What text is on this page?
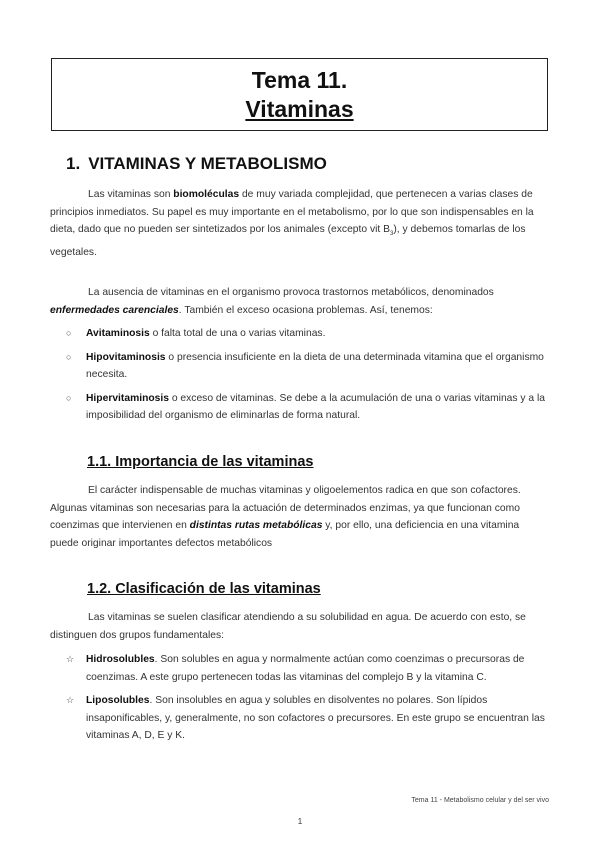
Tema 11.
Vitaminas
1. VITAMINAS Y METABOLISMO
Las vitaminas son biomoléculas de muy variada complejidad, que pertenecen a varias clases de principios inmediatos. Su papel es muy importante en el metabolismo, por lo que son indispensables en la dieta, dado que no pueden ser sintetizados por los animales (excepto vit $B_3$), y debemos tomarlas de los vegetales.
La ausencia de vitaminas en el organismo provoca trastornos metabólicos, denominados enfermedades carenciales. También el exceso ocasiona problemas. Así, tenemos:
○ Avitaminosis o falta total de una o varias vitaminas.
○ Hipovitaminosis o presencia insuficiente en la dieta de una determinada vitamina que el organismo necesita.
○ Hipervitaminosis o exceso de vitaminas. Se debe a la acumulación de una o varias vitaminas y a la imposibilidad del organismo de eliminarlas de forma natural.
1.1. Importancia de las vitaminas
El carácter indispensable de muchas vitaminas y oligoelementos radica en que son cofactores. Algunas vitaminas son necesarias para la actuación de determinados enzimas, ya que funcionan como coenzimas que intervienen en distintas rutas metabólicas y, por ello, una deficiencia en una vitamina puede originar importantes defectos metabólicos
1.2. Clasificación de las vitaminas
Las vitaminas se suelen clasificar atendiendo a su solubilidad en agua. De acuerdo con esto, se distinguen dos grupos fundamentales:
☆ Hidrosolubles. Son solubles en agua y normalmente actúan como coenzimas o precursoras de coenzimas. A este grupo pertenecen todas las vitaminas del complejo B y la vitamina C.
☆ Liposolubles. Son insolubles en agua y solubles en disolventes no polares. Son lípidos insaponificables, y, generalmente, no son cofactores o precursores. En este grupo se encuentran las vitaminas A, D, E y K.
Tema 11 - Metabolismo celular y del ser vivo
1
